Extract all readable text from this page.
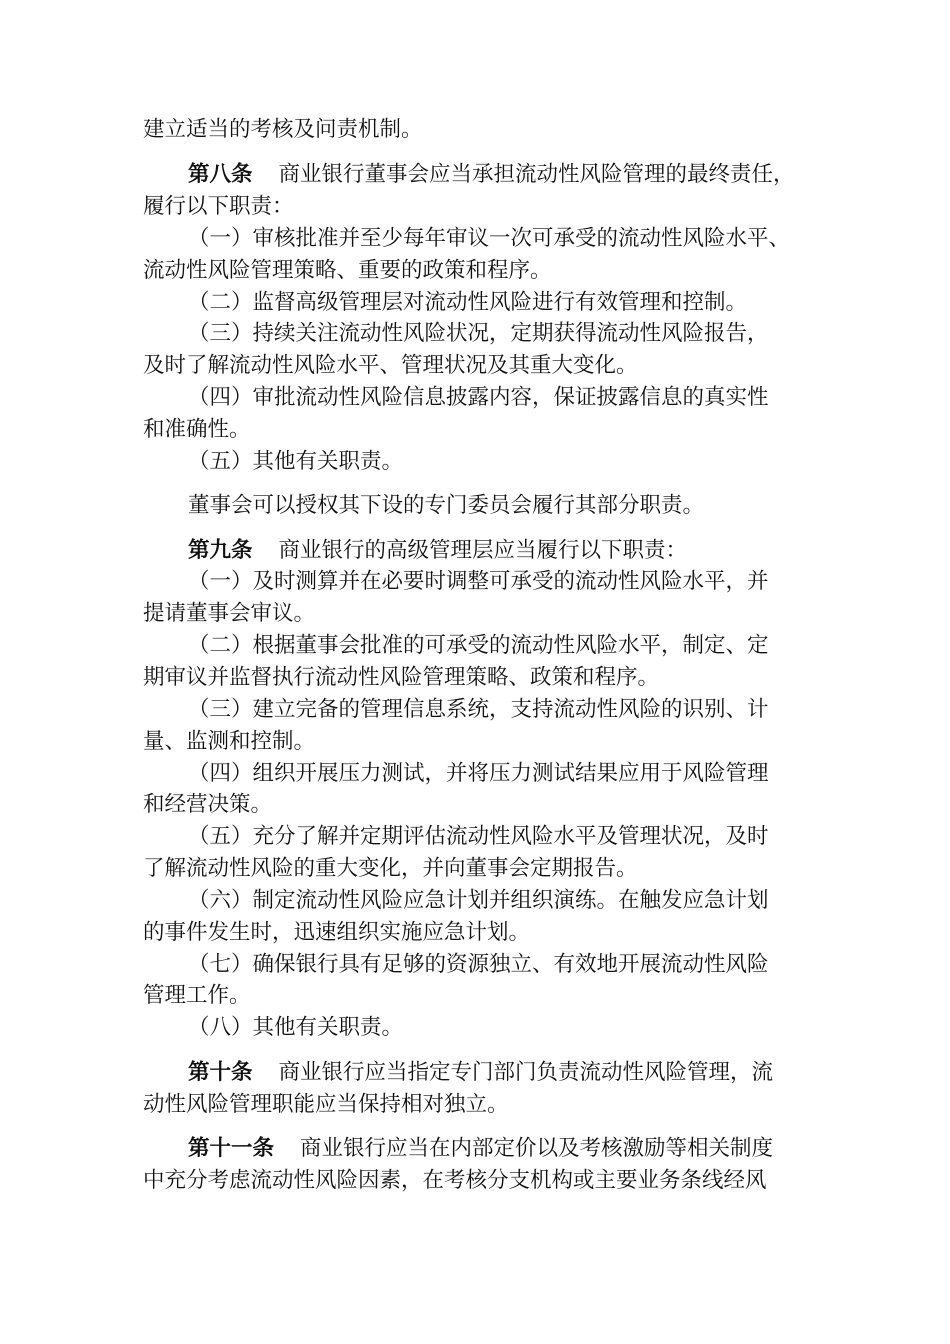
建立适当的考核及问责机制。
第八条 商业银行董事会应当承担流动性风险管理的最终责任，
履行以下职责：
（一）审核批准并至少每年审议一次可承受的流动性风险水平、
流动性风险管理策略、重要的政策和程序。
（二）监督高级管理层对流动性风险进行有效管理和控制。
（三）持续关注流动性风险状况，定期获得流动性风险报告，
及时了解流动性风险水平、管理状况及其重大变化。
（四）审批流动性风险信息披露内容，保证披露信息的真实性
和准确性。
（五）其他有关职责。
董事会可以授权其下设的专门委员会履行其部分职责。
第九条 商业银行的高级管理层应当履行以下职责：
（一）及时测算并在必要时调整可承受的流动性风险水平，并
提请董事会审议。
（二）根据董事会批准的可承受的流动性风险水平，制定、定
期审议并监督执行流动性风险管理策略、政策和程序。
（三）建立完备的管理信息系统，支持流动性风险的识别、计
量、监测和控制。
（四）组织开展压力测试，并将压力测试结果应用于风险管理
和经营决策。
（五）充分了解并定期评估流动性风险水平及管理状况，及时
了解流动性风险的重大变化，并向董事会定期报告。
（六）制定流动性风险应急计划并组织演练。在触发应急计划
的事件发生时，迅速组织实施应急计划。
（七）确保银行具有足够的资源独立、有效地开展流动性风险
管理工作。
（八）其他有关职责。
第十条 商业银行应当指定专门部门负责流动性风险管理，流
动性风险管理职能应当保持相对独立。
第十一条 商业银行应当在内部定价以及考核激励等相关制度
中充分考虑流动性风险因素，在考核分支机构或主要业务条线经风
